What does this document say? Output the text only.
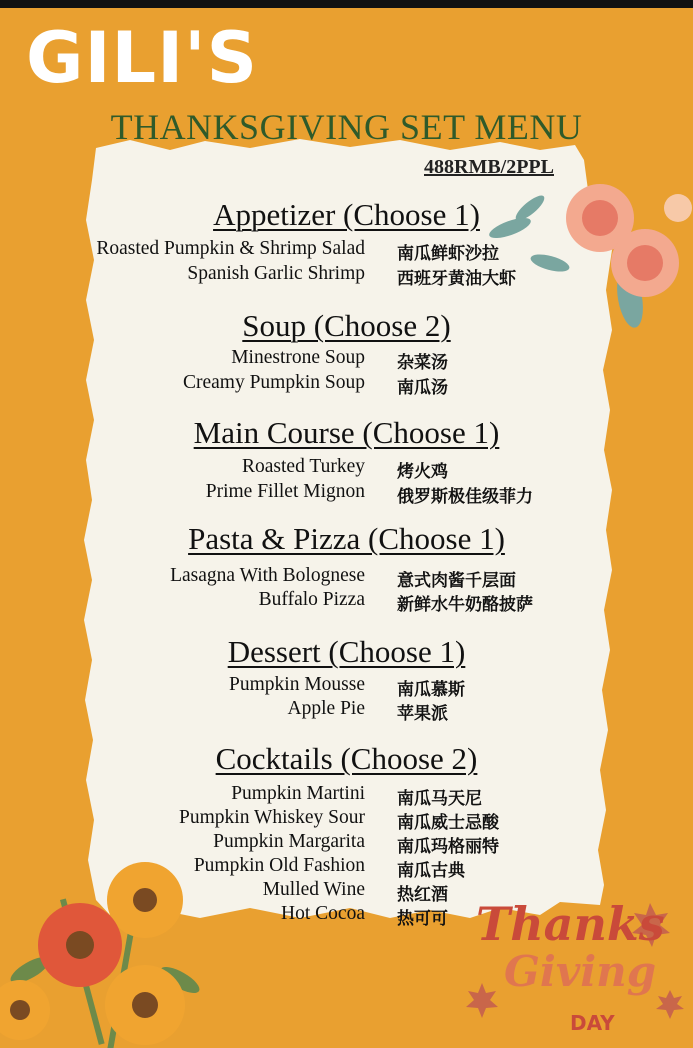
GILI'S
THANKSGIVING SET MENU
488RMB/2PPL
Appetizer (Choose 1)
Roasted Pumpkin & Shrimp Salad 南瓜鲜虾沙拉
Spanish Garlic Shrimp 西班牙黄油大虾
Soup (Choose 2)
Minestrone Soup 杂菜汤
Creamy Pumpkin Soup 南瓜汤
Main Course (Choose 1)
Roasted Turkey 烤火鸡
Prime Fillet Mignon 俄罗斯极佳级菲力
Pasta & Pizza (Choose 1)
Lasagna With Bolognese 意式肉酱千层面
Buffalo Pizza 新鲜水牛奶酪披萨
Dessert (Choose 1)
Pumpkin Mousse 南瓜慕斯
Apple Pie 苹果派
Cocktails (Choose 2)
Pumpkin Martini 南瓜马天尼
Pumpkin Whiskey Sour 南瓜威士忌酸
Pumpkin Margarita 南瓜玛格丽特
Pumpkin Old Fashion 南瓜古典
Mulled Wine 热红酒
Hot Cocoa 热可可 Thanks
Giving
DAY
